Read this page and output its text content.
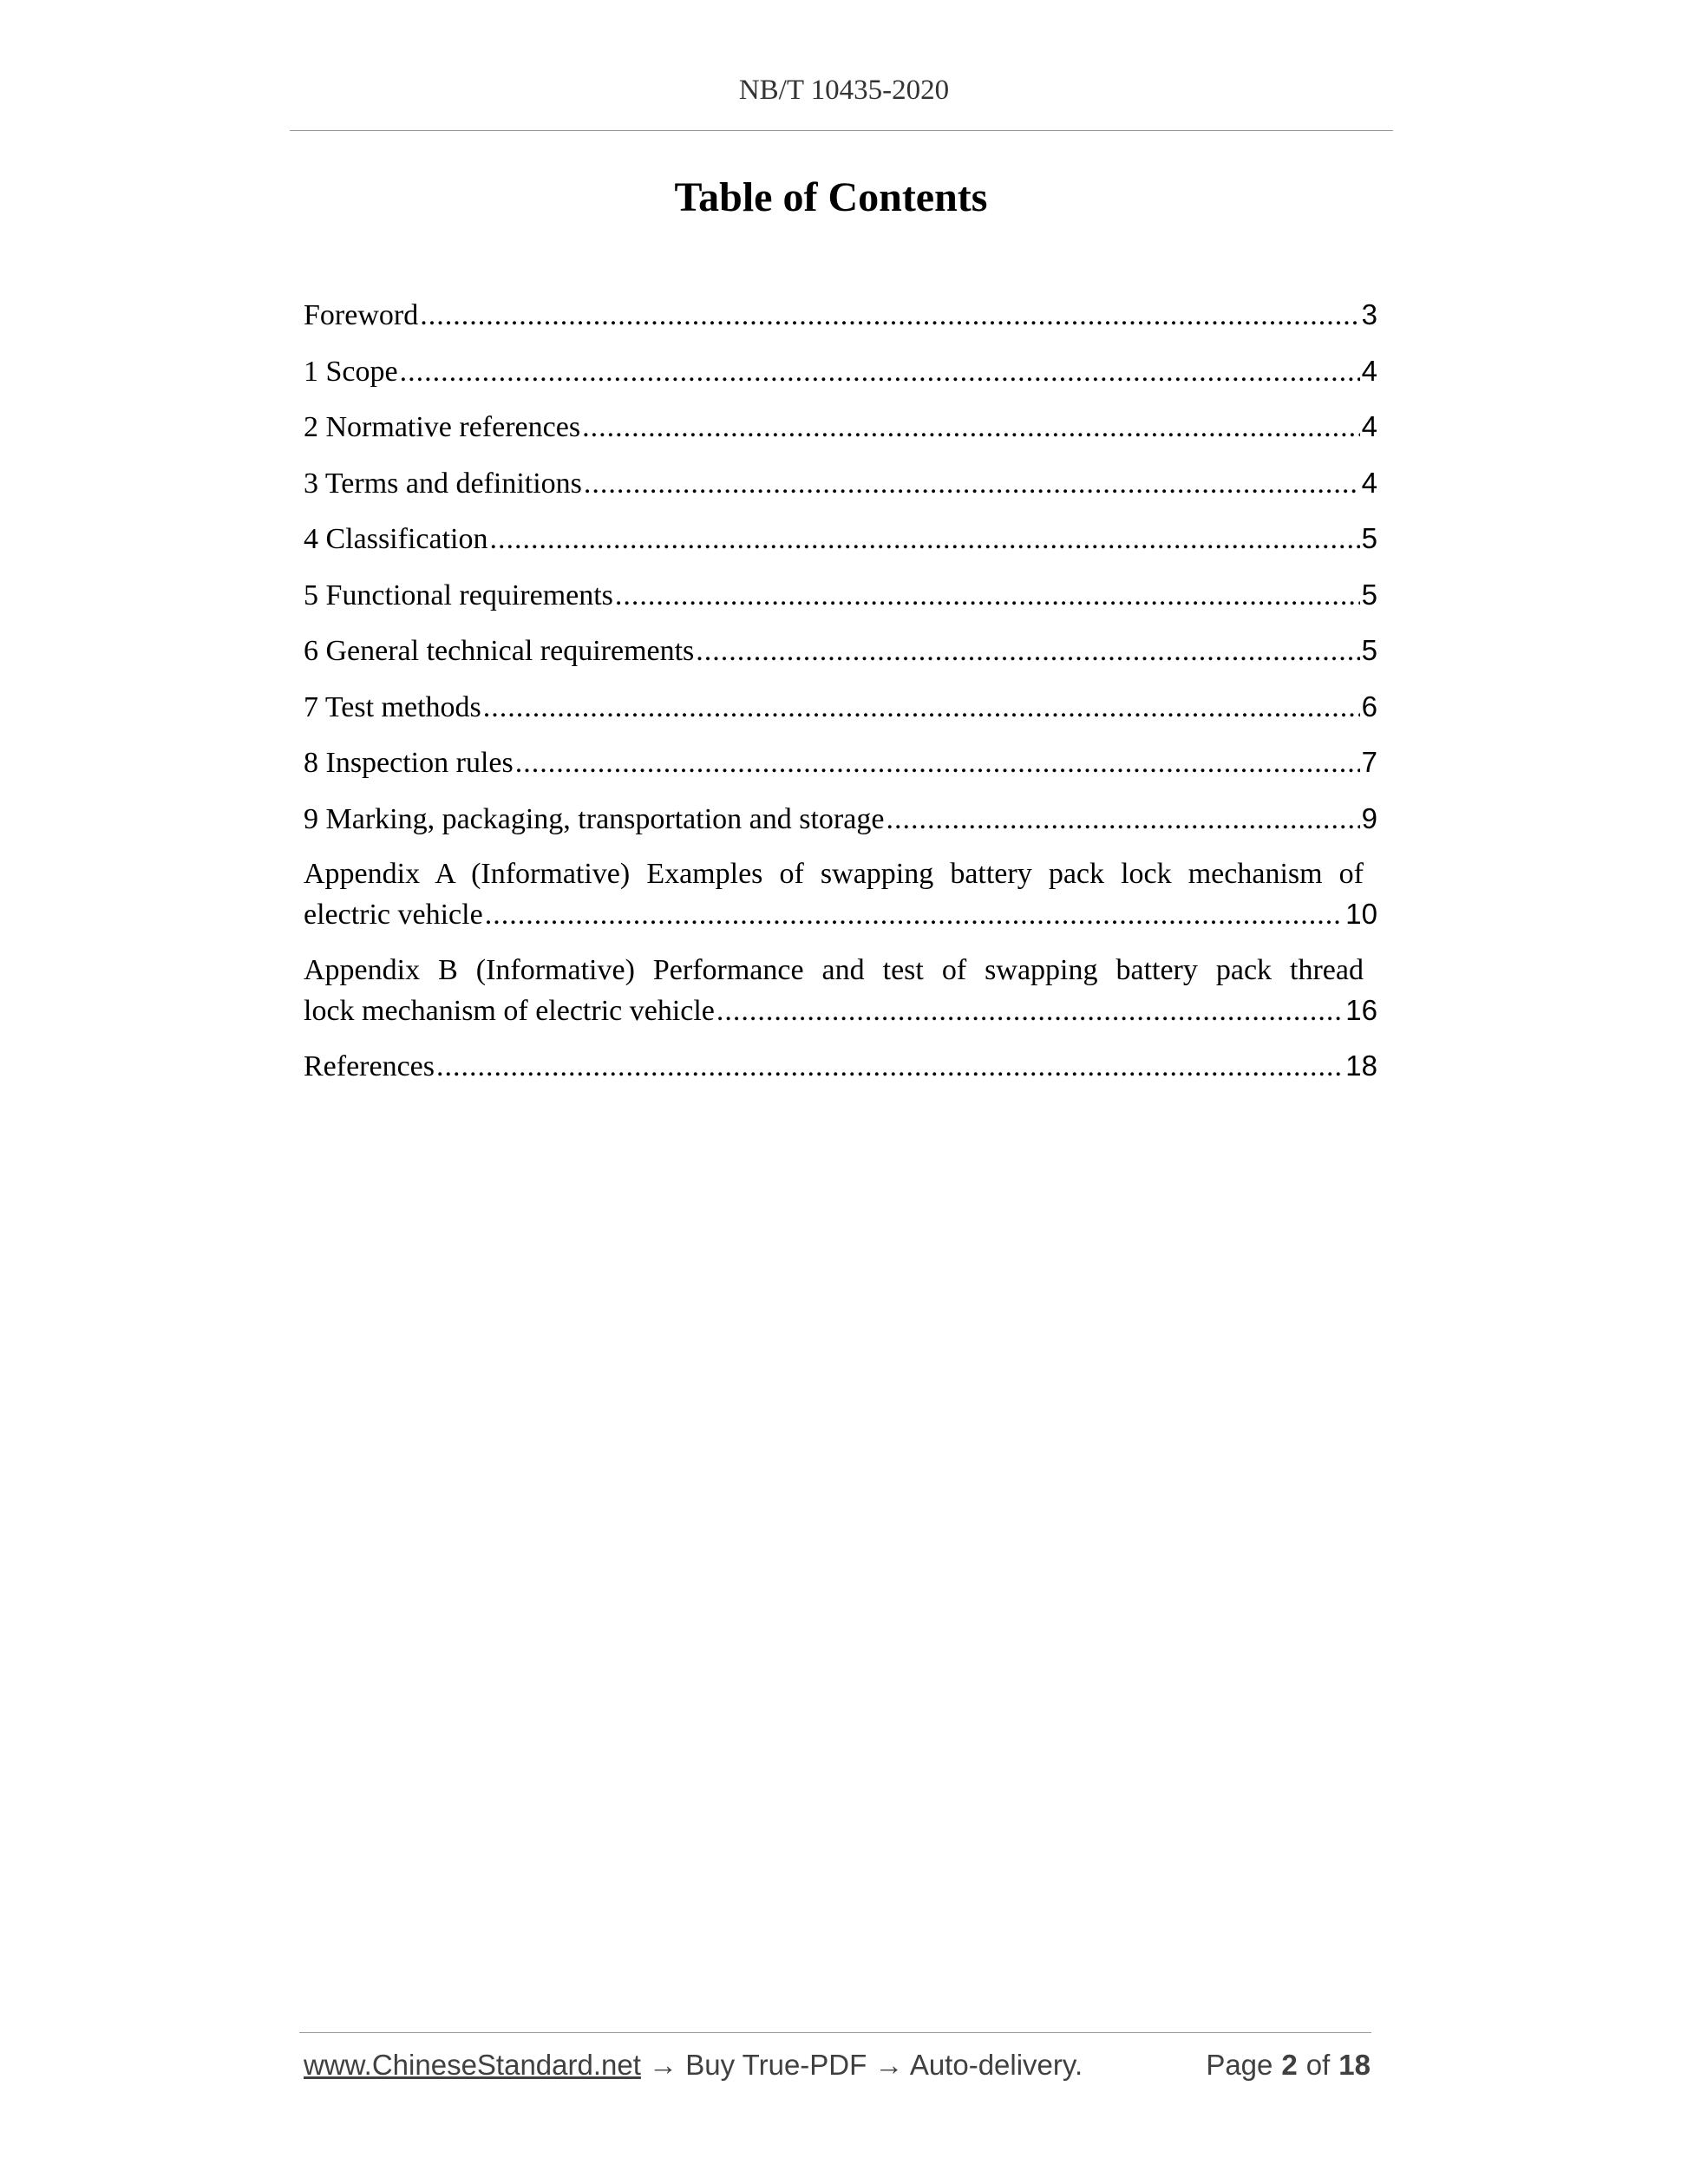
NB/T 10435-2020
Table of Contents
Foreword .....	3
1 Scope .....	4
2 Normative references .....	4
3 Terms and definitions .....	4
4 Classification .....	5
5 Functional requirements .....	5
6 General technical requirements .....	5
7 Test methods .....	6
8 Inspection rules .....	7
9 Marking, packaging, transportation and storage .....	9
Appendix A (Informative) Examples of swapping battery pack lock mechanism of
electric vehicle .....	10
Appendix B (Informative) Performance and test of swapping battery pack thread
lock mechanism of electric vehicle .....	16
References .....	18
www.ChineseStandard.net → Buy True-PDF → Auto-delivery.	Page 2 of 18
